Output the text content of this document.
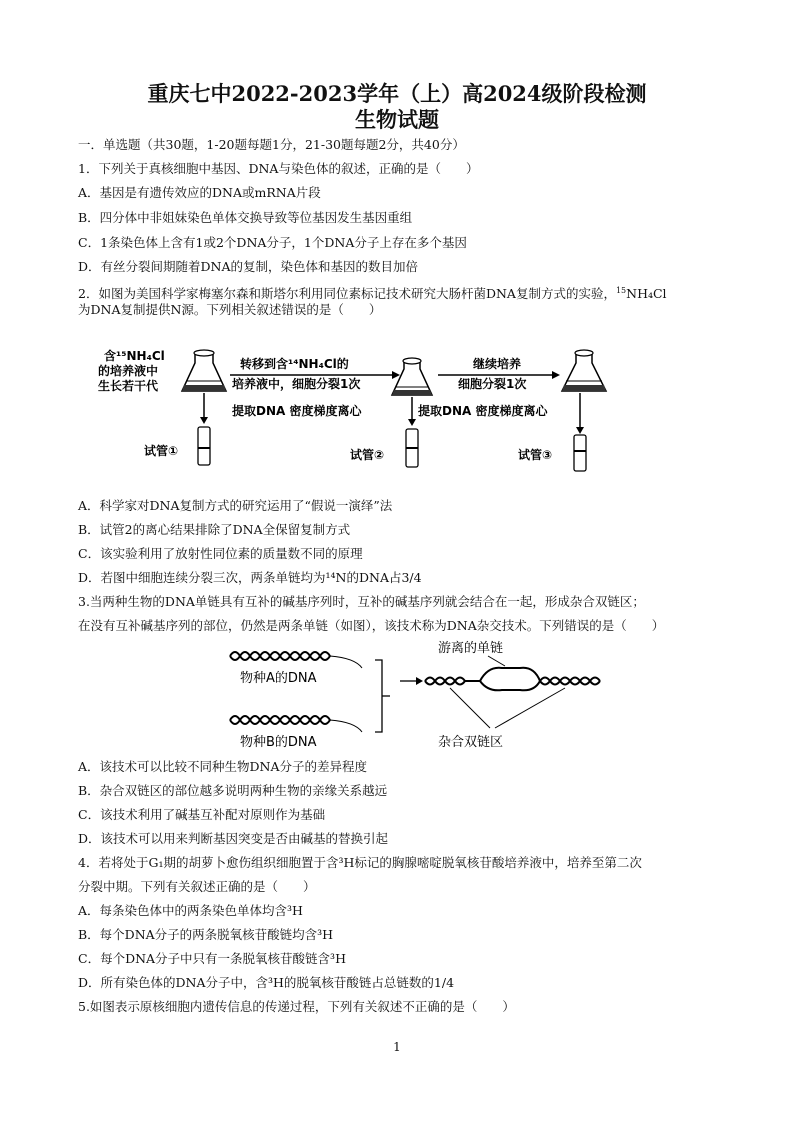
重庆七中2022-2023学年（上）高2024级阶段检测
生物试题
一．单选题（共30题，1-20题每题1分，21-30题每题2分，共40分）
1．下列关于真核细胞中基因、DNA与染色体的叙述，正确的是（　　）
A．基因是有遗传效应的DNA或mRNA片段
B．四分体中非姐妹染色单体交换导致等位基因发生基因重组
C．1条染色体上含有1或2个DNA分子，1个DNA分子上存在多个基因
D．有丝分裂间期随着DNA的复制，染色体和基因的数目加倍
2．如图为美国科学家梅塞尔森和斯塔尔利用同位素标记技术研究大肠杆菌DNA复制方式的实验，$^{15}$NH₄Cl
为DNA复制提供N源。下列相关叙述错误的是（　　）
含¹⁵NH₄Cl
的培养液中
生长若干代
转移到含¹⁴NH₄Cl的
培养液中，细胞分裂1次
继续培养
细胞分裂1次
提取DNA 密度梯度离心	提取DNA 密度梯度离心
试管①	试管②	试管③
A．科学家对DNA复制方式的研究运用了“假说一演绎”法
B．试管2的离心结果排除了DNA全保留复制方式
C．该实验利用了放射性同位素的质量数不同的原理
D．若图中细胞连续分裂三次，两条单链均为¹⁴N的DNA占3/4
3.当两种生物的DNA单链具有互补的碱基序列时，互补的碱基序列就会结合在一起，形成杂合双链区；
在没有互补碱基序列的部位，仍然是两条单链（如图），该技术称为DNA杂交技术。下列错误的是（　　）
物种A的DNA
物种B的DNA
游离的单链
杂合双链区
A．该技术可以比较不同种生物DNA分子的差异程度
B．杂合双链区的部位越多说明两种生物的亲缘关系越远
C．该技术利用了碱基互补配对原则作为基础
D．该技术可以用来判断基因突变是否由碱基的替换引起
4．若将处于G₁期的胡萝卜愈伤组织细胞置于含³H标记的胸腺嘧啶脱氧核苷酸培养液中，培养至第二次
分裂中期。下列有关叙述正确的是（　　）
A．每条染色体中的两条染色单体均含³H
B．每个DNA分子的两条脱氧核苷酸链均含³H
C．每个DNA分子中只有一条脱氧核苷酸链含³H
D．所有染色体的DNA分子中，含³H的脱氧核苷酸链占总链数的1/4
5.如图表示原核细胞内遗传信息的传递过程，下列有关叙述不正确的是（　　）
1
